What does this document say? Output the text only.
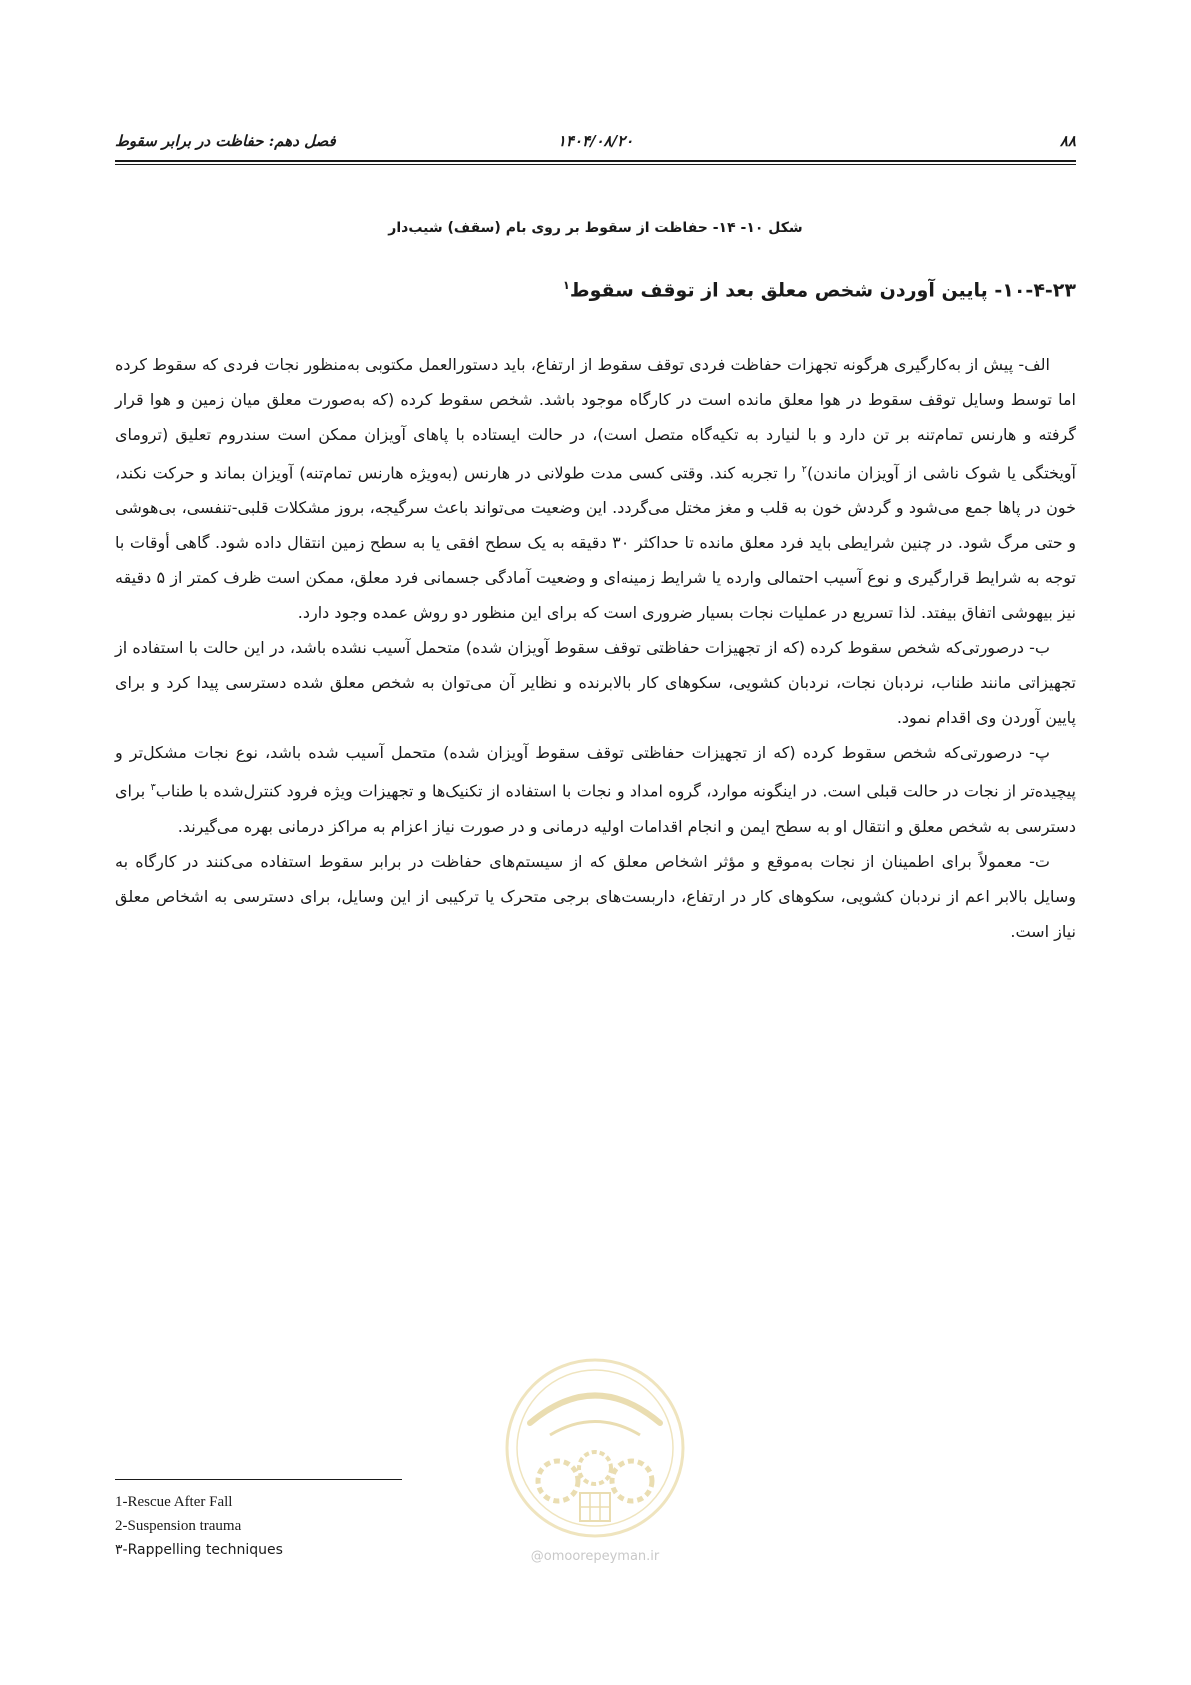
۸۸
۱۴۰۴/۰۸/۲۰
فصل دهم: حفاظت در برابر سقوط
شکل ۱۰- ۱۴- حفاظت از سقوط بر روی بام (سقف) شیب‌دار
۱۰-۴-۲۳- پایین آوردن شخص معلق بعد از توقف سقوط$^۱$

الف- پیش از به‌کارگیری هرگونه تجهزات حفاظت فردی توقف سقوط از ارتفاع، باید دستورالعمل مکتوبی به‌منظور نجات فردی که سقوط کرده اما توسط وسایل توقف سقوط در هوا معلق مانده است در کارگاه موجود باشد. شخص سقوط کرده (که به‌صورت معلق میان زمین و هوا قرار گرفته و هارنس تمام‌تنه بر تن دارد و با لنیارد به تکیه‌گاه متصل است)، در حالت ایستاده با پاهای آویزان ممکن است سندروم تعلیق (ترومای آویختگی یا شوک ناشی از آویزان ماندن)$^۲$ را تجربه کند. وقتی کسی مدت طولانی در هارنس (به‌ویژه هارنس تمام‌تنه) آویزان بماند و حرکت نکند، خون در پاها جمع می‌شود و گردش خون به قلب و مغز مختل می‌گردد. این وضعیت می‌تواند باعث سرگیجه، بروز مشکلات قلبی-تنفسی، بی‌هوشی و حتی مرگ شود. در چنین شرایطی باید فرد معلق مانده تا حداکثر ۳۰ دقیقه به یک سطح افقی یا به سطح زمین انتقال داده شود. گاهی أوقات با توجه به شرایط قرارگیری و نوع آسیب احتمالی وارده یا شرایط زمینه‌ای و وضعیت آمادگی جسمانی فرد معلق، ممکن است ظرف کمتر از ۵ دقیقه نیز بیهوشی اتفاق بیفتد. لذا تسریع در عملیات نجات بسیار ضروری است که برای این منظور دو روش عمده وجود دارد.

ب- درصورتی‌که شخص سقوط کرده (که از تجهیزات حفاظتی توقف سقوط آویزان شده) متحمل آسیب نشده باشد، در این حالت با استفاده از تجهیزاتی مانند طناب، نردبان نجات، نردبان کشویی، سکوهای کار بالابرنده و نظایر آن می‌توان به شخص معلق شده دسترسی پیدا کرد و برای پایین آوردن وی اقدام نمود.

پ- درصورتی‌که شخص سقوط کرده (که از تجهیزات حفاظتی توقف سقوط آویزان شده) متحمل آسیب شده باشد، نوع نجات مشکل‌تر و پیچیده‌تر از نجات در حالت قبلی است. در اینگونه موارد، گروه امداد و نجات با استفاده از تکنیک‌ها و تجهیزات ویژه فرود کنترل‌شده با طناب$^۳$ برای دسترسی به شخص معلق و انتقال او به سطح ایمن و انجام اقدامات اولیه درمانی و در صورت نیاز اعزام به مراکز درمانی بهره می‌گیرند.

ت- معمولاً برای اطمینان از نجات به‌موقع و مؤثر اشخاص معلق که از سیستم‌های حفاظت در برابر سقوط استفاده می‌کنند در کارگاه به وسایل بالابر اعم از نردبان کشویی، سکوهای کار در ارتفاع، داربست‌های برجی متحرک یا ترکیبی از این وسایل، برای دسترسی به اشخاص معلق نیاز است.

@omoorepeyman.ir
1-Rescue After Fall
2-Suspension trauma
۳-Rappelling techniques
